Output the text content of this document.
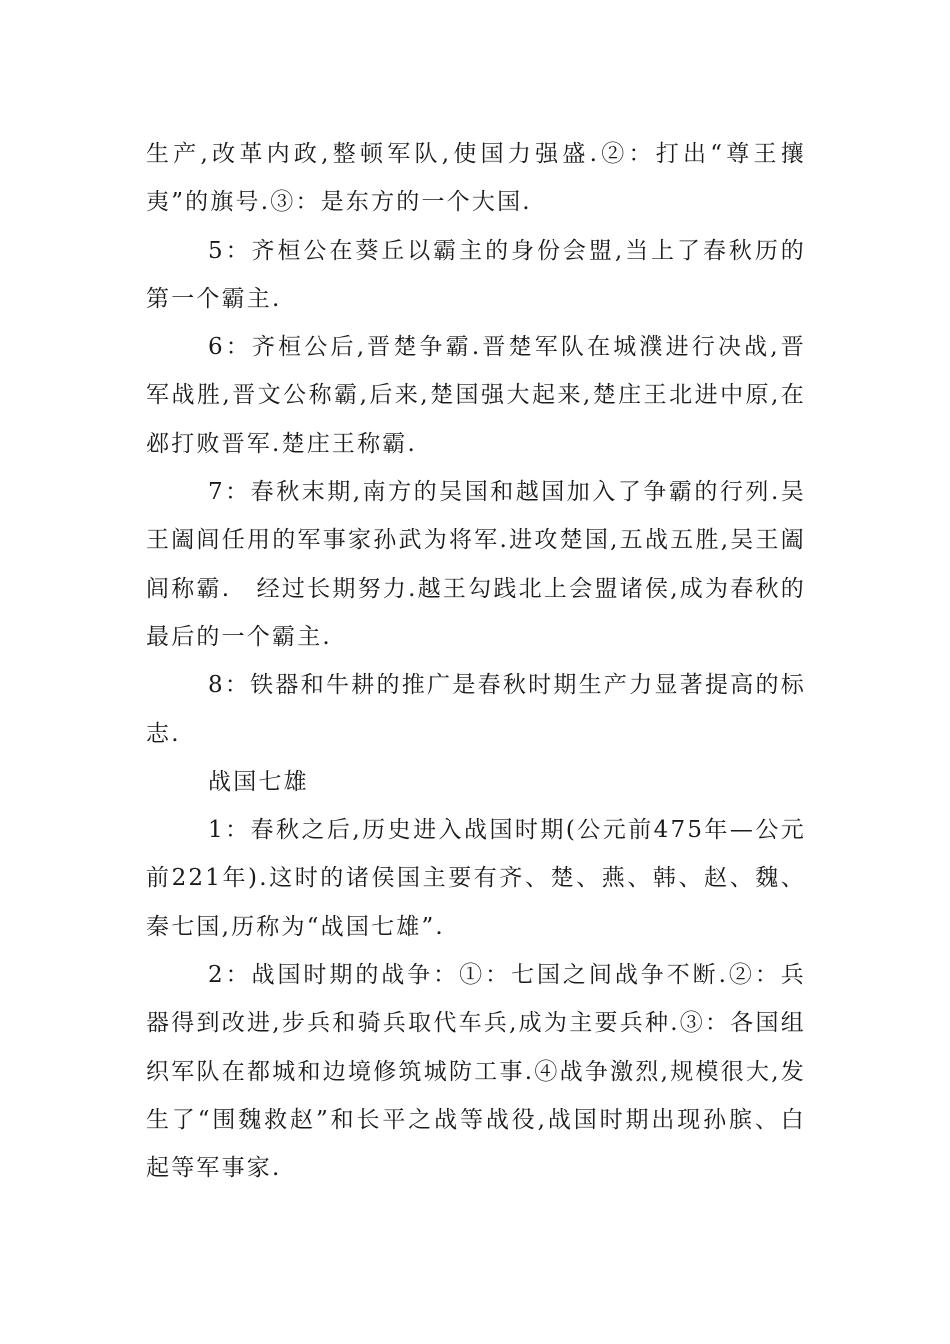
生产,改革内政,整顿军队,使国力强盛.②：打出“尊王攘夷”的旗号.③：是东方的一个大国.

5：齐桓公在葵丘以霸主的身份会盟,当上了春秋历的第一个霸主.

6：齐桓公后,晋楚争霸.晋楚军队在城濮进行决战,晋军战胜,晋文公称霸,后来,楚国强大起来,楚庄王北进中原,在邲打败晋军.楚庄王称霸.

7：春秋末期,南方的吴国和越国加入了争霸的行列.吴王阖闾任用的军事家孙武为将军.进攻楚国,五战五胜,吴王阖闾称霸.　经过长期努力.越王勾践北上会盟诸侯,成为春秋的最后的一个霸主.

8：铁器和牛耕的推广是春秋时期生产力显著提高的标志.

战国七雄

1：春秋之后,历史进入战国时期(公元前475年—公元前221年).这时的诸侯国主要有齐、楚、燕、韩、赵、魏、秦七国,历称为“战国七雄”.

2：战国时期的战争：①：七国之间战争不断.②：兵器得到改进,步兵和骑兵取代车兵,成为主要兵种.③：各国组织军队在都城和边境修筑城防工事.④战争激烈,规模很大,发生了“围魏救赵”和长平之战等战役,战国时期出现孙膑、白起等军事家.
